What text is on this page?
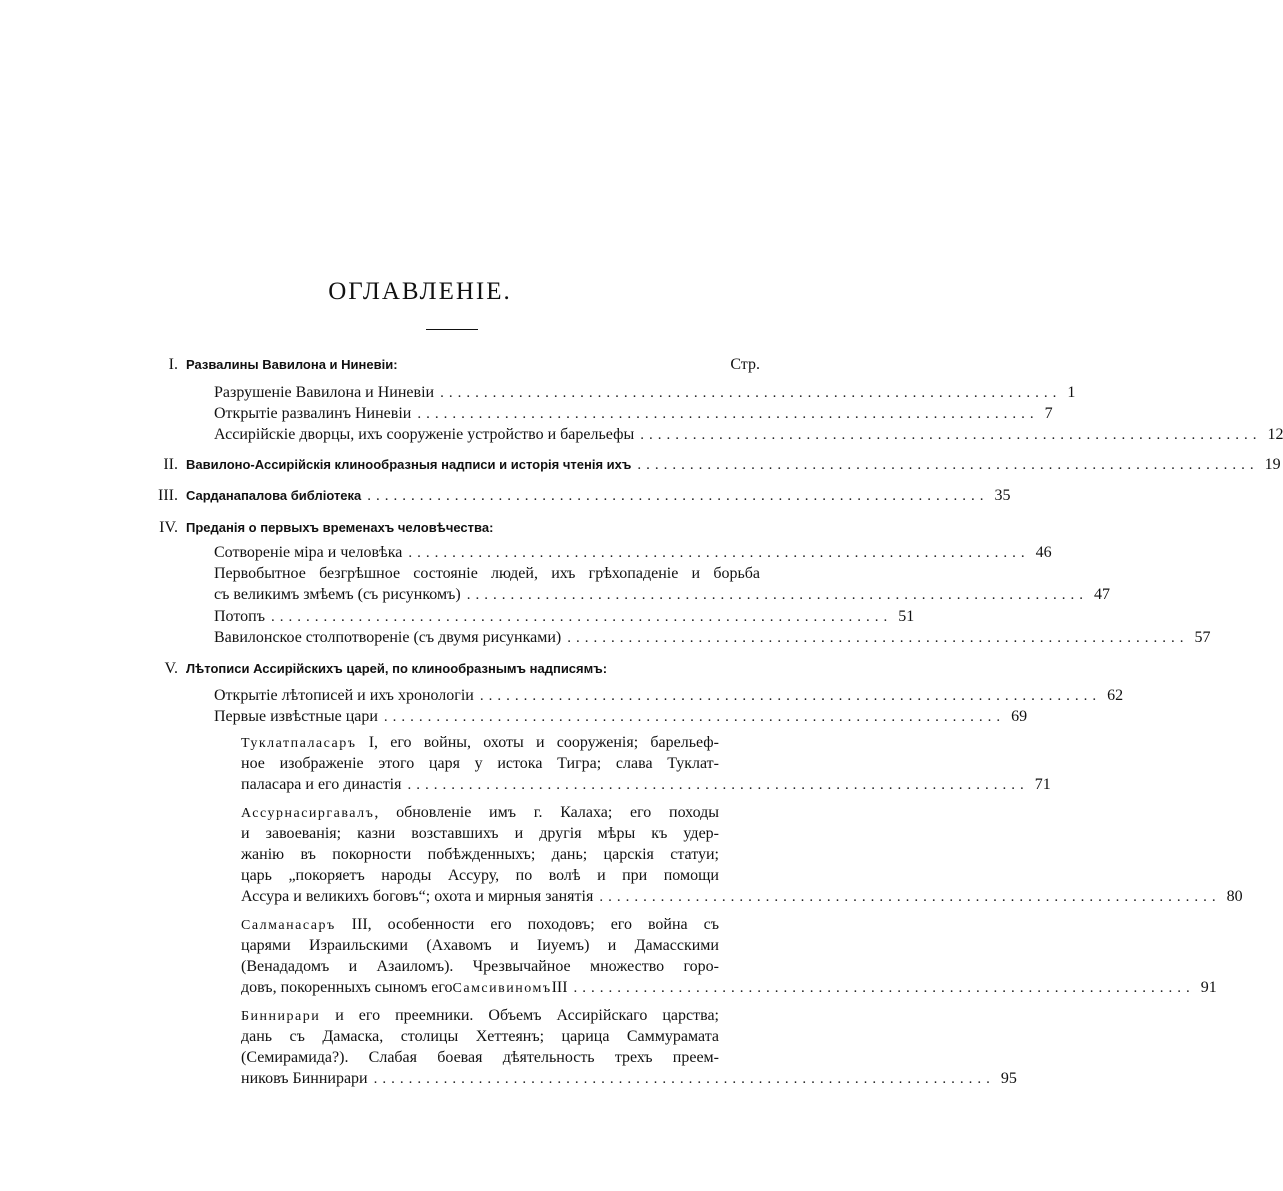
ОГЛАВЛЕНIЕ.
I. Развалины Вавилона и Ниневіи:	Стр.
Разрушеніе Вавилона и Ниневіи ....................................................................... 1
Открытіе развалинъ Ниневіи ....................................................................... 7
Ассирійскіе дворцы, ихъ сооруженіе устройство и барельефы ....................................................................... 12
II. Вавилоно-Ассирійскія клинообразныя надписи и исторія чтенія ихъ ....................................................................... 19
III. Сарданапалова библіотека ....................................................................... 35
IV. Преданія о первыхъ временахъ человѣчества:
Сотвореніе міра и человѣка ....................................................................... 46
Первобытное безгрѣшное состояніе людей, ихъ грѣхопаденіе и борьба
съ великимъ змѣемъ (съ рисункомъ) ....................................................................... 47
Потопъ ....................................................................... 51
Вавилонское столпотвореніе (съ двумя рисунками) ....................................................................... 57
V. Лѣтописи Ассирійскихъ царей, по клинообразнымъ надписямъ:
Открытіе лѣтописей и ихъ хронологіи ....................................................................... 62
Первые извѣстные цари ....................................................................... 69
Туклатпаласаръ I, его войны, охоты и сооруженія; барельеф-
ное изображеніе этого царя у истока Тигра; слава Туклат-
паласара и его династія ....................................................................... 71
Ассурнасиргавалъ, обновленіе имъ г. Калаха; его походы
и завоеванія; казни возставшихъ и другія мѣры къ удер-
жанію въ покорности побѣжденныхъ; дань; царскія статуи;
царь „покоряетъ народы Ассуру, по волѣ и при помощи
Ассура и великихъ боговъ“; охота и мирныя занятія ....................................................................... 80
Салманасаръ III, особенности его походовъ; его война съ
царями Израильскими (Ахавомъ и Іиуемъ) и Дамасскими
(Венададомъ и Азаиломъ). Чрезвычайное множество горо-
довъ, покоренныхъ сыномъ его Самсивиномъ III ....................................................................... 91
Биннирари и его преемники. Объемъ Ассирійскаго царства;
дань съ Дамаска, столицы Хеттеянъ; царица Саммурамата
(Семирамида?). Слабая боевая дѣятельность трехъ преем-
никовъ Биннирари ....................................................................... 95
